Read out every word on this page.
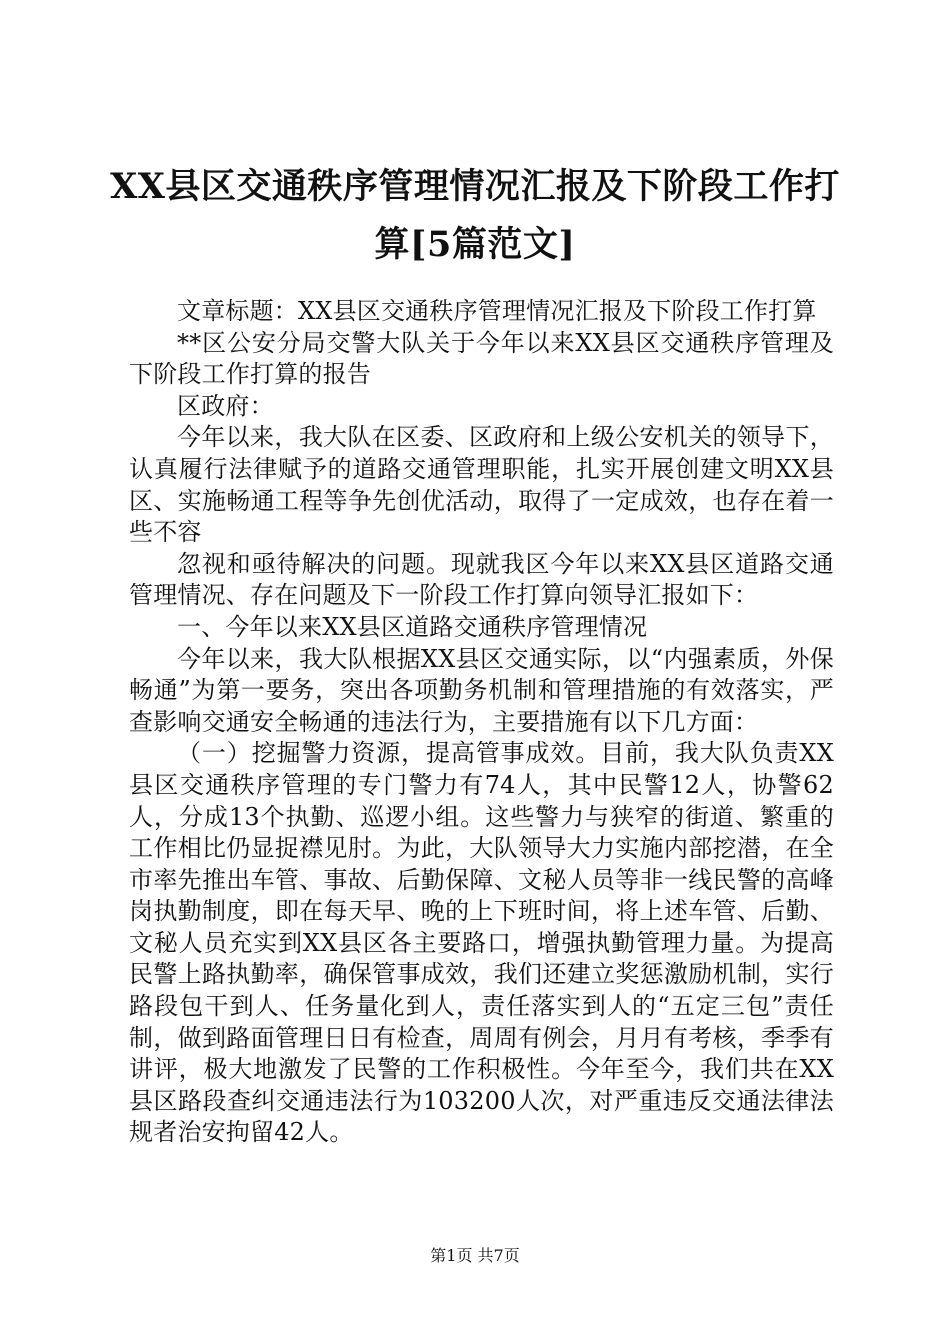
XX县区交通秩序管理情况汇报及下阶段工作打算[5篇范文]

文章标题：XX县区交通秩序管理情况汇报及下阶段工作打算

**区公安分局交警大队关于今年以来XX县区交通秩序管理及下阶段工作打算的报告

区政府：

今年以来，我大队在区委、区政府和上级公安机关的领导下，认真履行法律赋予的道路交通管理职能，扎实开展创建文明XX县区、实施畅通工程等争先创优活动，取得了一定成效，也存在着一些不容

忽视和亟待解决的问题。现就我区今年以来XX县区道路交通管理情况、存在问题及下一阶段工作打算向领导汇报如下：

一、今年以来XX县区道路交通秩序管理情况

今年以来，我大队根据XX县区交通实际，以“内强素质，外保畅通”为第一要务，突出各项勤务机制和管理措施的有效落实，严查影响交通安全畅通的违法行为，主要措施有以下几方面：

（一）挖掘警力资源，提高管事成效。目前，我大队负责XX县区交通秩序管理的专门警力有74人，其中民警12人，协警62人，分成13个执勤、巡逻小组。这些警力与狭窄的街道、繁重的工作相比仍显捉襟见肘。为此，大队领导大力实施内部挖潜，在全市率先推出车管、事故、后勤保障、文秘人员等非一线民警的高峰岗执勤制度，即在每天早、晚的上下班时间，将上述车管、后勤、文秘人员充实到XX县区各主要路口，增强执勤管理力量。为提高民警上路执勤率，确保管事成效，我们还建立奖惩激励机制，实行路段包干到人、任务量化到人，责任落实到人的“五定三包”责任制，做到路面管理日日有检查，周周有例会，月月有考核，季季有讲评，极大地激发了民警的工作积极性。今年至今，我们共在XX县区路段查纠交通违法行为103200人次，对严重违反交通法律法规者治安拘留42人。

第1页 共7页
